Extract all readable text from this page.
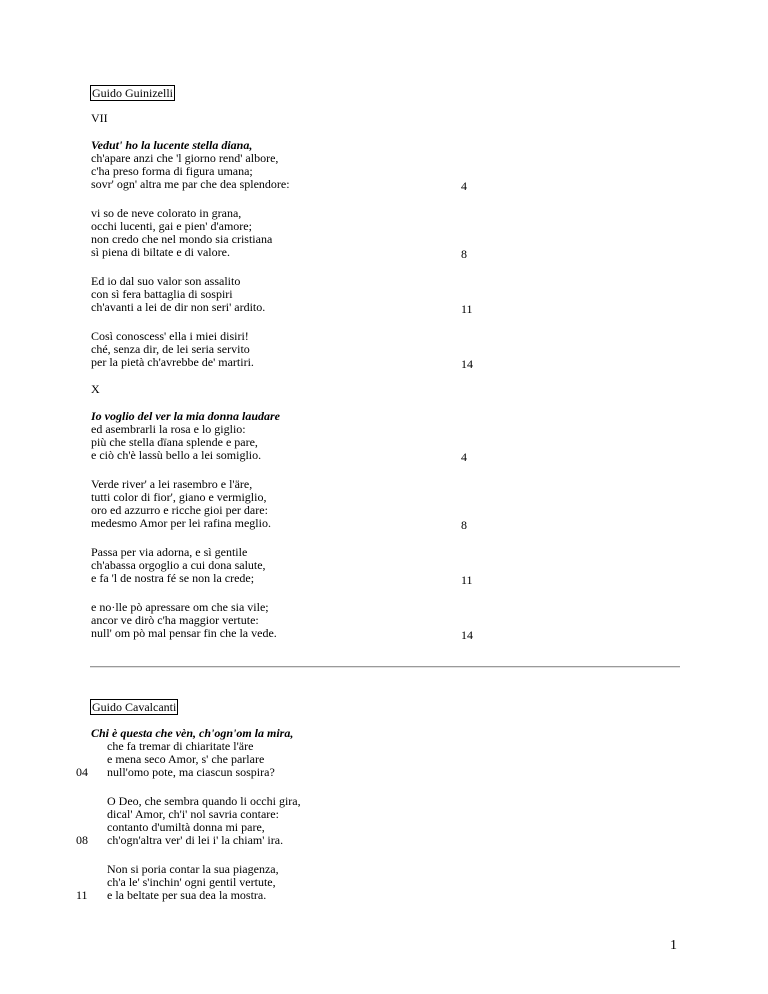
Guido Guinizelli
VII
Vedut' ho la lucente stella diana,
ch'apare anzi che 'l giorno rend' albore,
c'ha preso forma di figura umana;
sovr' ogn' altra me par che dea splendore:	4
vi so de neve colorato in grana,
occhi lucenti, gai e pien' d'amore;
non credo che nel mondo sia cristiana
sì piena di biltate e di valore.	8
Ed io dal suo valor son assalito
con sì fera battaglia di sospiri
ch'avanti a lei de dir non seri' ardito.	11
Così conoscess' ella i miei disiri!
ché, senza dir, de lei seria servito
per la pietà ch'avrebbe de' martiri.	14
X
Io voglio del ver la mia donna laudare
ed asembrarli la rosa e lo giglio:
più che stella dïana splende e pare,
e ciò ch'è lassù bello a lei somiglio.	4
Verde river' a lei rasembro e l'äre,
tutti color di fior', giano e vermiglio,
oro ed azzurro e ricche gioi per dare:
medesmo Amor per lei rafina meglio.	8
Passa per via adorna, e sì gentile
ch'abassa orgoglio a cui dona salute,
e fa 'l de nostra fé se non la crede;	11
e no·lle pò apressare om che sia vile;
ancor ve dirò c'ha maggior vertute:
null' om pò mal pensar fin che la vede.	14
Guido Cavalcanti
Chi è questa che vèn, ch'ogn'om la mira,
che fa tremar di chiaritate l'äre
e mena seco Amor, s' che parlare
04 null'omo pote, ma ciascun sospira?
O Deo, che sembra quando li occhi gira,
dical' Amor, ch'i' nol savria contare:
contanto d'umiltà donna mi pare,
08 ch'ogn'altra ver' di lei i' la chiam' ira.
Non si poria contar la sua piagenza,
ch'a le' s'inchin' ogni gentil vertute,
11 e la beltate per sua dea la mostra.
1
